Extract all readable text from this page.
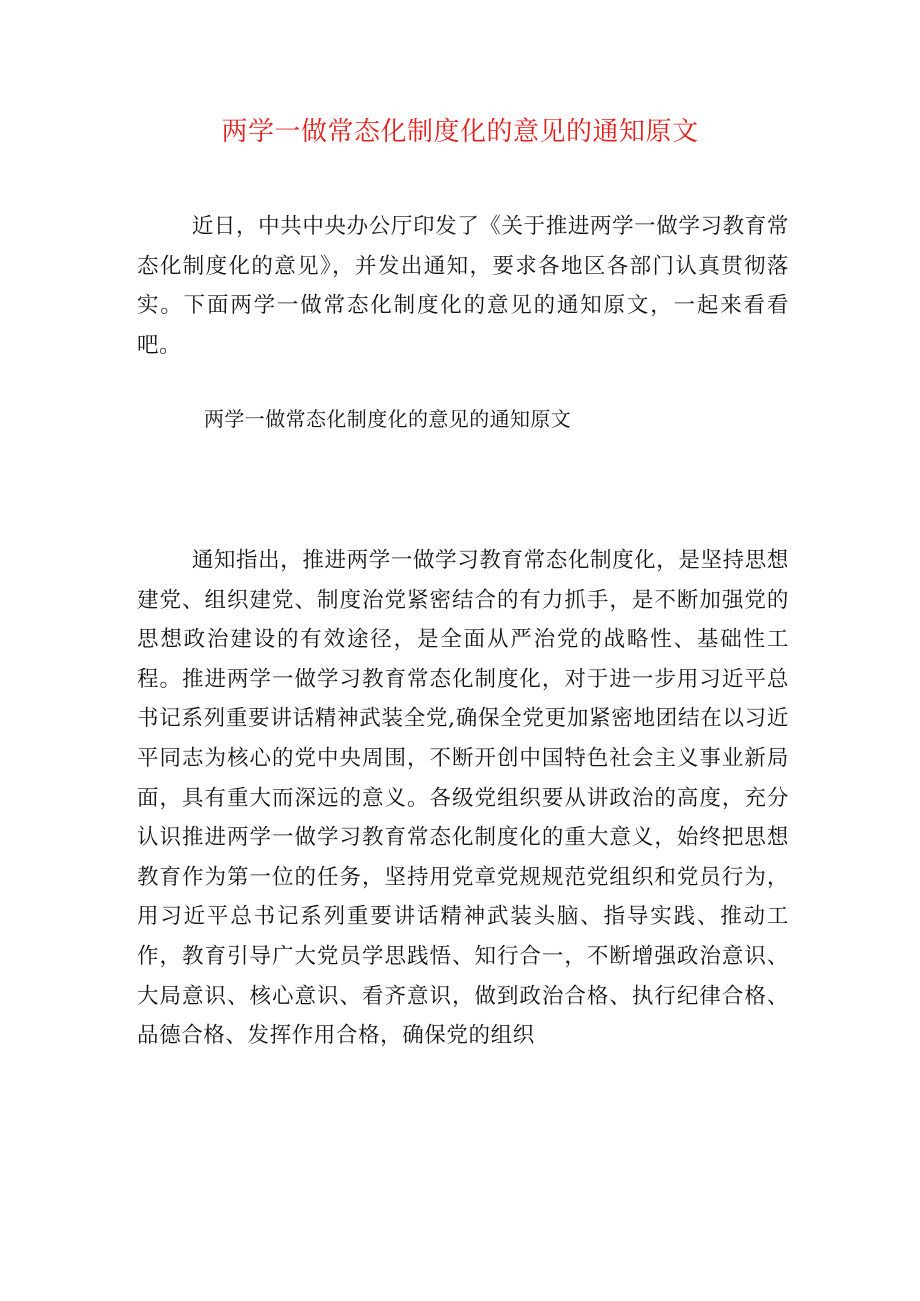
两学一做常态化制度化的意见的通知原文

近日，中共中央办公厅印发了《关于推进两学一做学习教育常态化制度化的意见》，并发出通知，要求各地区各部门认真贯彻落实。下面两学一做常态化制度化的意见的通知原文，一起来看看吧。

两学一做常态化制度化的意见的通知原文

通知指出，推进两学一做学习教育常态化制度化，是坚持思想建党、组织建党、制度治党紧密结合的有力抓手，是不断加强党的思想政治建设的有效途径，是全面从严治党的战略性、基础性工程。推进两学一做学习教育常态化制度化，对于进一步用习近平总书记系列重要讲话精神武装全党,确保全党更加紧密地团结在以习近平同志为核心的党中央周围，不断开创中国特色社会主义事业新局面，具有重大而深远的意义。各级党组织要从讲政治的高度，充分认识推进两学一做学习教育常态化制度化的重大意义，始终把思想教育作为第一位的任务，坚持用党章党规规范党组织和党员行为，用习近平总书记系列重要讲话精神武装头脑、指导实践、推动工作，教育引导广大党员学思践悟、知行合一，不断增强政治意识、大局意识、核心意识、看齐意识，做到政治合格、执行纪律合格、品德合格、发挥作用合格，确保党的组织
